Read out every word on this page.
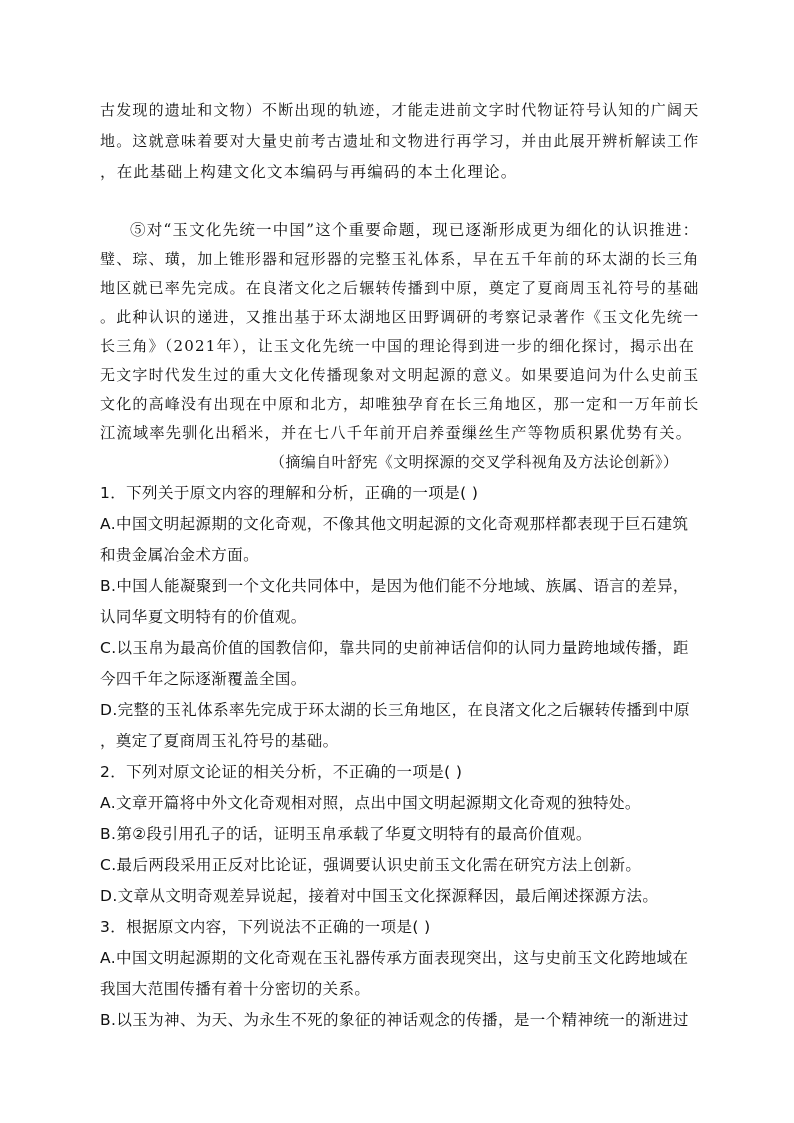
古发现的遗址和文物）不断出现的轨迹，才能走进前文字时代物证符号认知的广阔天
地。这就意味着要对大量史前考古遗址和文物进行再学习，并由此展开辨析解读工作
，在此基础上构建文化文本编码与再编码的本土化理论。
⑤对“玉文化先统一中国”这个重要命题，现已逐渐形成更为细化的认识推进：
璧、琮、璜，加上锥形器和冠形器的完整玉礼体系，早在五千年前的环太湖的长三角
地区就已率先完成。在良渚文化之后辗转传播到中原，奠定了夏商周玉礼符号的基础
。此种认识的递进，又推出基于环太湖地区田野调研的考察记录著作《玉文化先统一
长三角》（2021年），让玉文化先统一中国的理论得到进一步的细化探讨，揭示出在
无文字时代发生过的重大文化传播现象对文明起源的意义。如果要追问为什么史前玉
文化的高峰没有出现在中原和北方，却唯独孕育在长三角地区，那一定和一万年前长
江流域率先驯化出稻米，并在七八千年前开启养蚕缫丝生产等物质积累优势有关。
（摘编自叶舒宪《文明探源的交叉学科视角及方法论创新》）
1．下列关于原文内容的理解和分析，正确的一项是( )
A.中国文明起源期的文化奇观，不像其他文明起源的文化奇观那样都表现于巨石建筑
和贵金属冶金术方面。
B.中国人能凝聚到一个文化共同体中，是因为他们能不分地域、族属、语言的差异，
认同华夏文明特有的价值观。
C.以玉帛为最高价值的国教信仰，靠共同的史前神话信仰的认同力量跨地域传播，距
今四千年之际逐渐覆盖全国。
D.完整的玉礼体系率先完成于环太湖的长三角地区，在良渚文化之后辗转传播到中原
，奠定了夏商周玉礼符号的基础。
2．下列对原文论证的相关分析，不正确的一项是( )
A.文章开篇将中外文化奇观相对照，点出中国文明起源期文化奇观的独特处。
B.第②段引用孔子的话，证明玉帛承载了华夏文明特有的最高价值观。
C.最后两段采用正反对比论证，强调要认识史前玉文化需在研究方法上创新。
D.文章从文明奇观差异说起，接着对中国玉文化探源释因，最后阐述探源方法。
3．根据原文内容，下列说法不正确的一项是( )
A.中国文明起源期的文化奇观在玉礼器传承方面表现突出，这与史前玉文化跨地域在
我国大范围传播有着十分密切的关系。
B.以玉为神、为天、为永生不死的象征的神话观念的传播，是一个精神统一的渐进过
